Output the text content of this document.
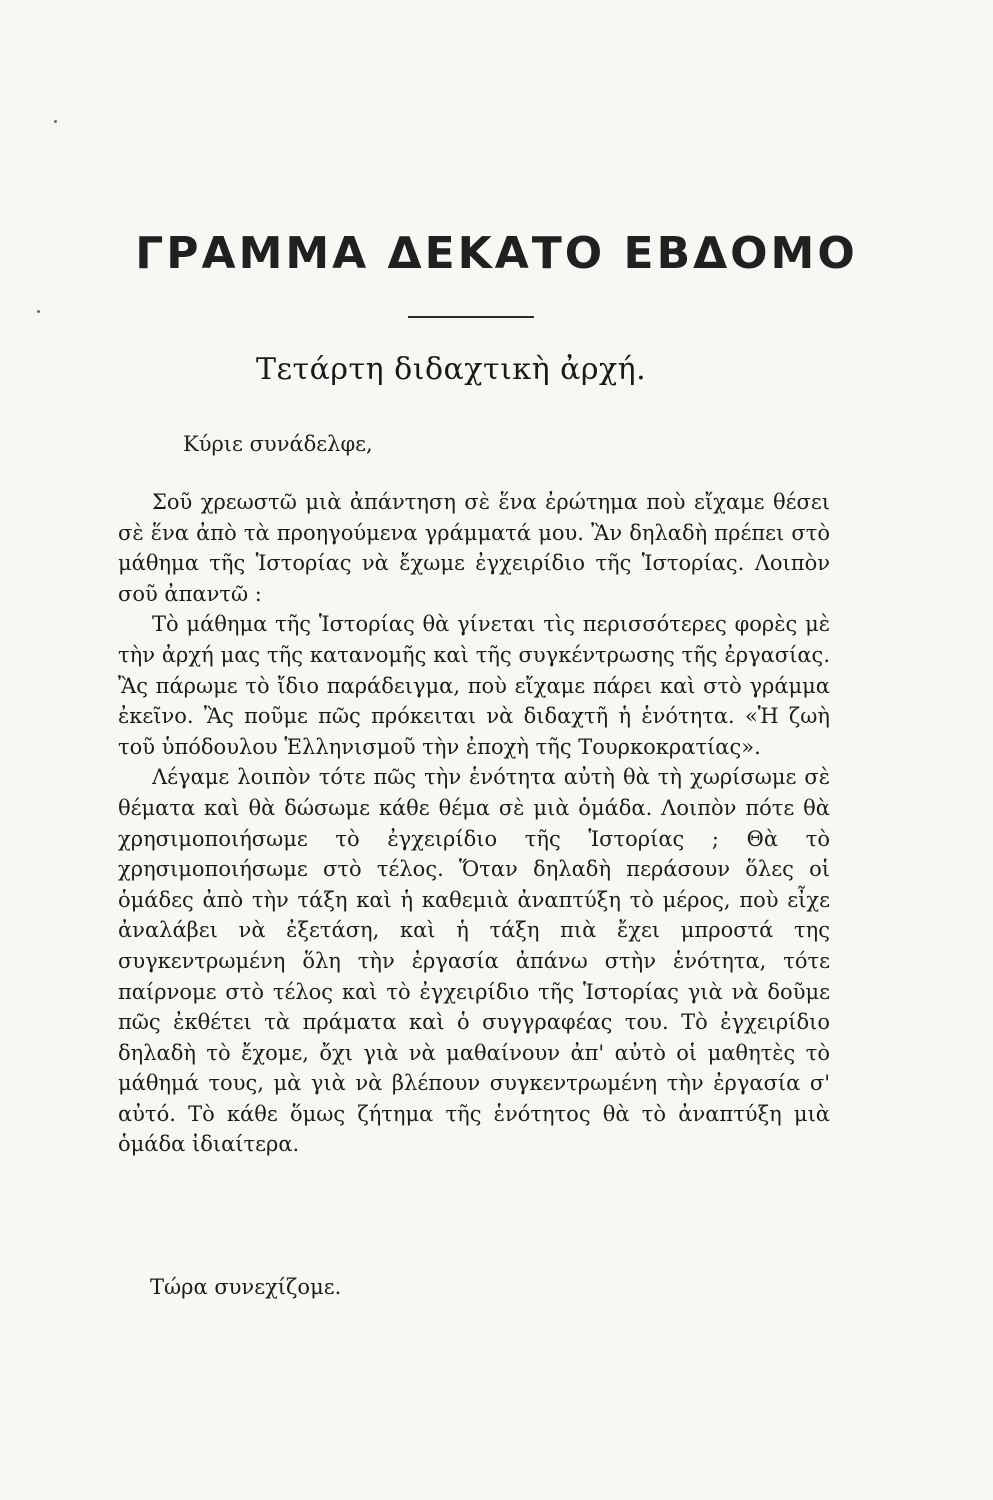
ΓΡΑΜΜΑ ΔΕΚΑΤΟ ΕΒΔΟΜΟ
Τετάρτη διδαχτικὴ ἀρχή.
Κύριε συνάδελφε,

Σοῦ χρεωστῶ μιὰ ἀπάντηση σὲ ἕνα ἐρώτημα ποὺ εἴχαμε θέσει σὲ ἕνα ἀπὸ τὰ προηγούμενα γράμματά μου. Ἂν δηλαδὴ πρέπει στὸ μάθημα τῆς Ἱστορίας νὰ ἔχωμε ἐγχειρίδιο τῆς Ἱστορίας. Λοιπὸν σοῦ ἀπαντῶ :

Τὸ μάθημα τῆς Ἱστορίας θὰ γίνεται τὶς περισσότερες φορὲς μὲ τὴν ἀρχή μας τῆς κατανομῆς καὶ τῆς συγκέντρωσης τῆς ἐργασίας. Ἂς πάρωμε τὸ ἴδιο παράδειγμα, ποὺ εἴχαμε πάρει καὶ στὸ γράμμα ἐκεῖνο. Ἂς ποῦμε πῶς πρόκειται νὰ διδαχτῆ ἡ ἑνότητα. «Ἡ ζωὴ τοῦ ὑπόδουλου Ἑλληνισμοῦ τὴν ἐποχὴ τῆς Τουρκοκρατίας».

Λέγαμε λοιπὸν τότε πῶς τὴν ἑνότητα αὐτὴ θὰ τὴ χωρίσωμε σὲ θέματα καὶ θὰ δώσωμε κάθε θέμα σὲ μιὰ ὁμάδα. Λοιπὸν πότε θὰ χρησιμοποιήσωμε τὸ ἐγχειρίδιο τῆς Ἱστορίας ; Θὰ τὸ χρησιμοποιήσωμε στὸ τέλος. Ὅταν δηλαδὴ περάσουν ὅλες οἱ ὁμάδες ἀπὸ τὴν τάξη καὶ ἡ καθεμιὰ ἀναπτύξη τὸ μέρος, ποὺ εἶχε ἀναλάβει νὰ ἐξετάση, καὶ ἡ τάξη πιὰ ἔχει μπροστά της συγκεντρωμένη ὅλη τὴν ἐργασία ἀπάνω στὴν ἑνότητα, τότε παίρνομε στὸ τέλος καὶ τὸ ἐγχειρίδιο τῆς Ἱστορίας γιὰ νὰ δοῦμε πῶς ἐκθέτει τὰ πράματα καὶ ὁ συγγραφέας του. Τὸ ἐγχειρίδιο δηλαδὴ τὸ ἔχομε, ὄχι γιὰ νὰ μαθαίνουν ἀπ' αὐτὸ οἱ μαθητὲς τὸ μάθημά τους, μὰ γιὰ νὰ βλέπουν συγκεντρωμένη τὴν ἐργασία σ' αὐτό. Τὸ κάθε ὅμως ζήτημα τῆς ἑνότητος θὰ τὸ ἀναπτύξη μιὰ ὁμάδα ἰδιαίτερα.

Τώρα συνεχίζομε.
